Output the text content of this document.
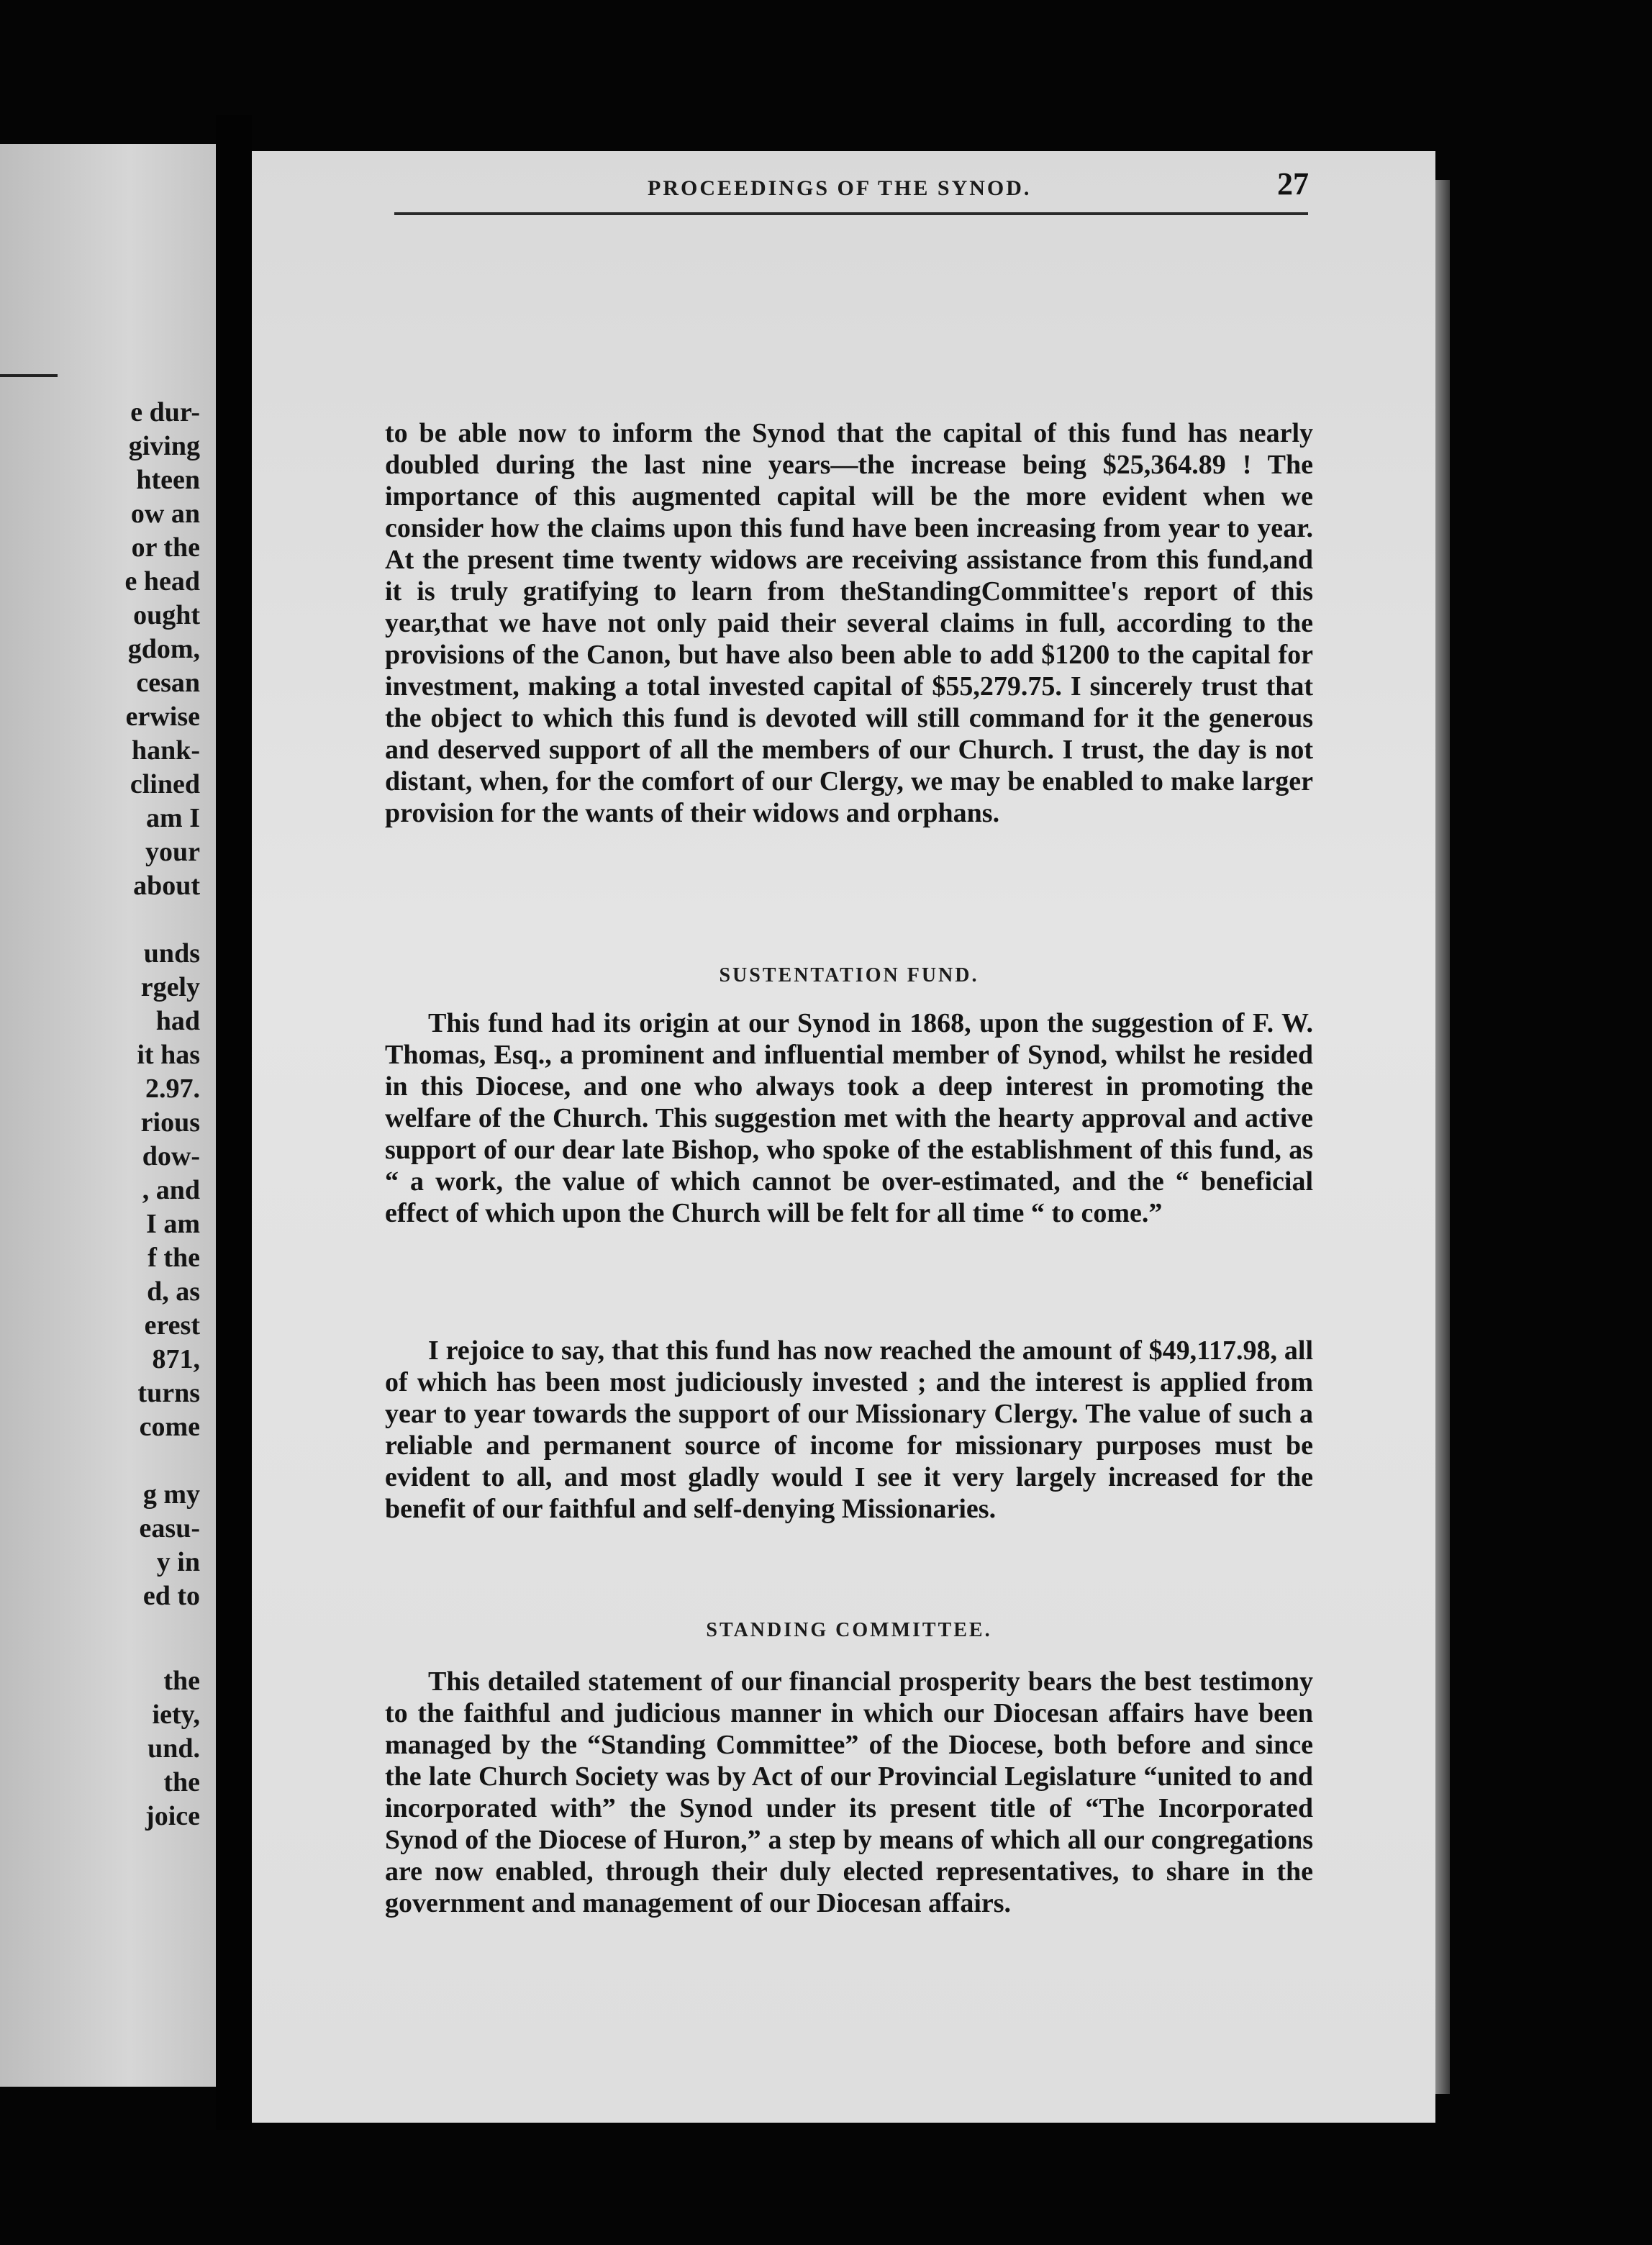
e dur-

giving

hteen

ow an

or the

e head

ought

gdom,

cesan

erwise

hank-

clined

am I

your

about

unds

rgely

had

it has

2.97.

rious

dow-

, and

I am

f the

d, as

erest

871,

turns

come

g my

easu-

y in

ed to

the

iety,

und.

the

joice

PROCEEDINGS OF THE SYNOD.	27

to be able now to inform the Synod that the capital of this fund has nearly doubled during the last nine years—the increase being $25,364.89 ! The importance of this augmented capital will be the more evident when we consider how the claims upon this fund have been increasing from year to year. At the present time twenty widows are receiving assistance from this fund,and it is truly gratifying to learn from theStandingCommittee's report of this year,that we have not only paid their several claims in full, according to the provisions of the Canon, but have also been able to add $1200 to the capital for investment, making a total invested capital of $55,279.75. I sincerely trust that the object to which this fund is devoted will still command for it the generous and deserved support of all the members of our Church. I trust, the day is not distant, when, for the comfort of our Clergy, we may be enabled to make larger provision for the wants of their widows and orphans.

SUSTENTATION FUND.

This fund had its origin at our Synod in 1868, upon the suggestion of F. W. Thomas, Esq., a prominent and influential member of Synod, whilst he resided in this Diocese, and one who always took a deep interest in promoting the welfare of the Church. This suggestion met with the hearty approval and active support of our dear late Bishop, who spoke of the establishment of this fund, as “ a work, the value of which cannot be over-estimated, and the “ beneficial effect of which upon the Church will be felt for all time “ to come.”

I rejoice to say, that this fund has now reached the amount of $49,117.98, all of which has been most judiciously invested ; and the interest is applied from year to year towards the support of our Missionary Clergy. The value of such a reliable and permanent source of income for missionary purposes must be evident to all, and most gladly would I see it very largely increased for the benefit of our faithful and self-denying Missionaries.

STANDING COMMITTEE.

This detailed statement of our financial prosperity bears the best testimony to the faithful and judicious manner in which our Diocesan affairs have been managed by the “Standing Committee” of the Diocese, both before and since the late Church Society was by Act of our Provincial Legislature “united to and incorporated with” the Synod under its present title of “The Incorporated Synod of the Diocese of Huron,” a step by means of which all our congregations are now enabled, through their duly elected representatives, to share in the government and management of our Diocesan affairs.
